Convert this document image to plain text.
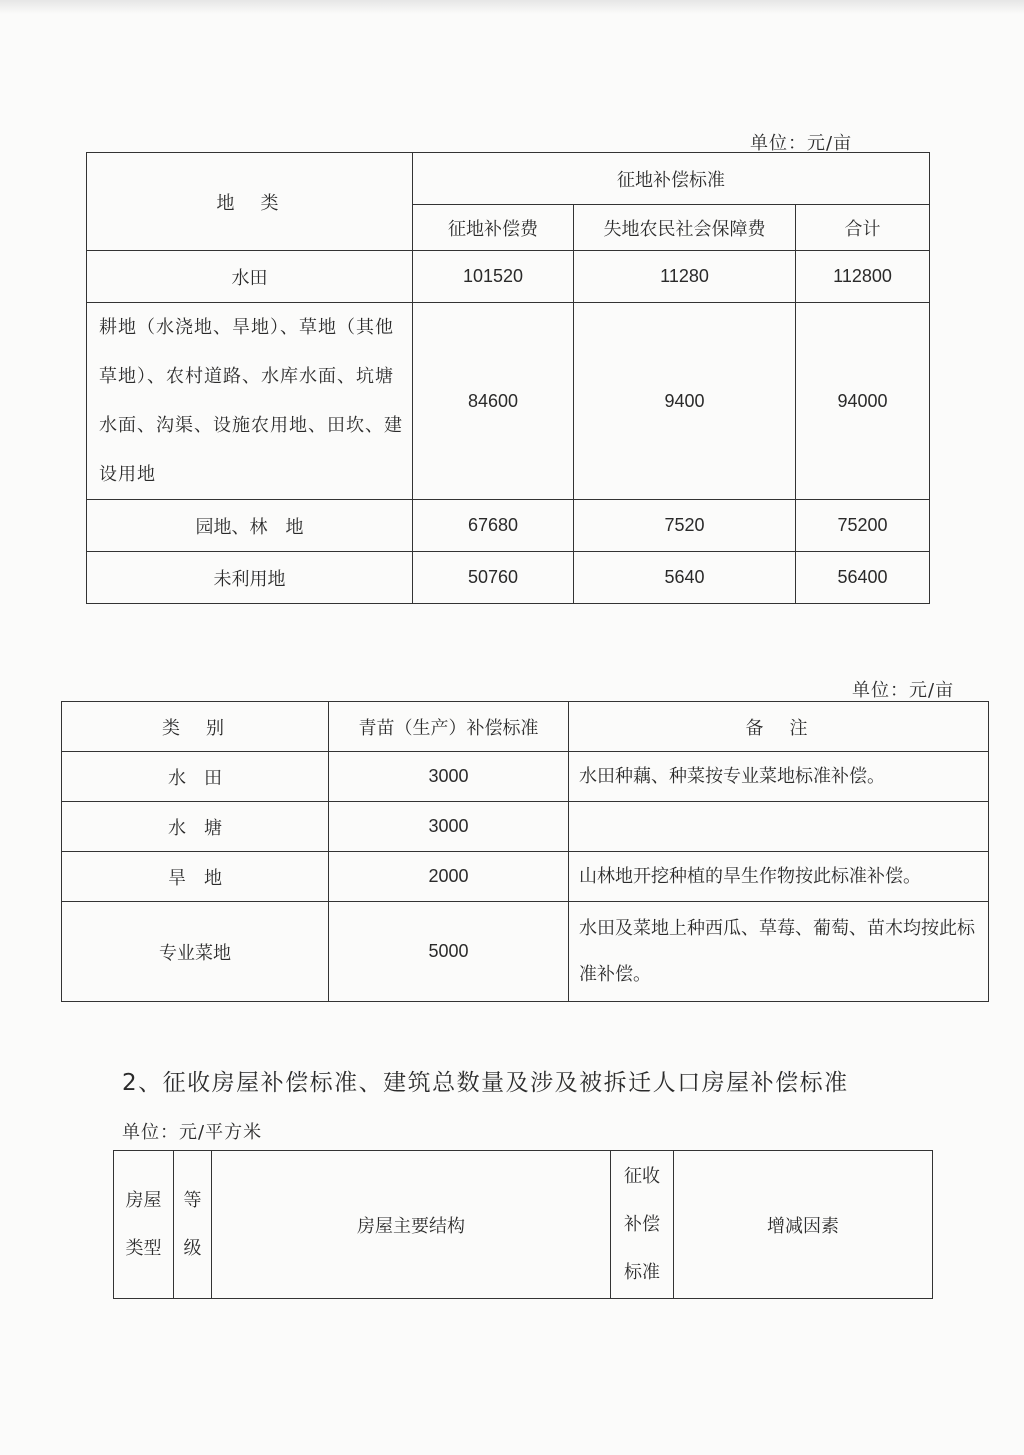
单位：元/亩
地　类	征地补偿标准		
	征地补偿费	失地农民社会保障费	合计
水田	101520	11280	112800
耕地（水浇地、旱地）、草地（其他草地）、农村道路、水库水面、坑塘水面、沟渠、设施农用地、田坎、建设用地	84600	9400	94000
园地、林　地	67680	7520	75200
未利用地	50760	5640	56400
单位：元/亩
类　别	青苗（生产）补偿标准	备　注
水　田	3000	水田种藕、种菜按专业菜地标准补偿。
水　塘	3000	
旱　地	2000	山林地开挖种植的旱生作物按此标准补偿。
专业菜地	5000	水田及菜地上种西瓜、草莓、葡萄、苗木均按此标准补偿。
2、征收房屋补偿标准、建筑总数量及涉及被拆迁人口房屋补偿标准
单位：元/平方米
房屋类型	等级	房屋主要结构	征收补偿标准	增减因素
